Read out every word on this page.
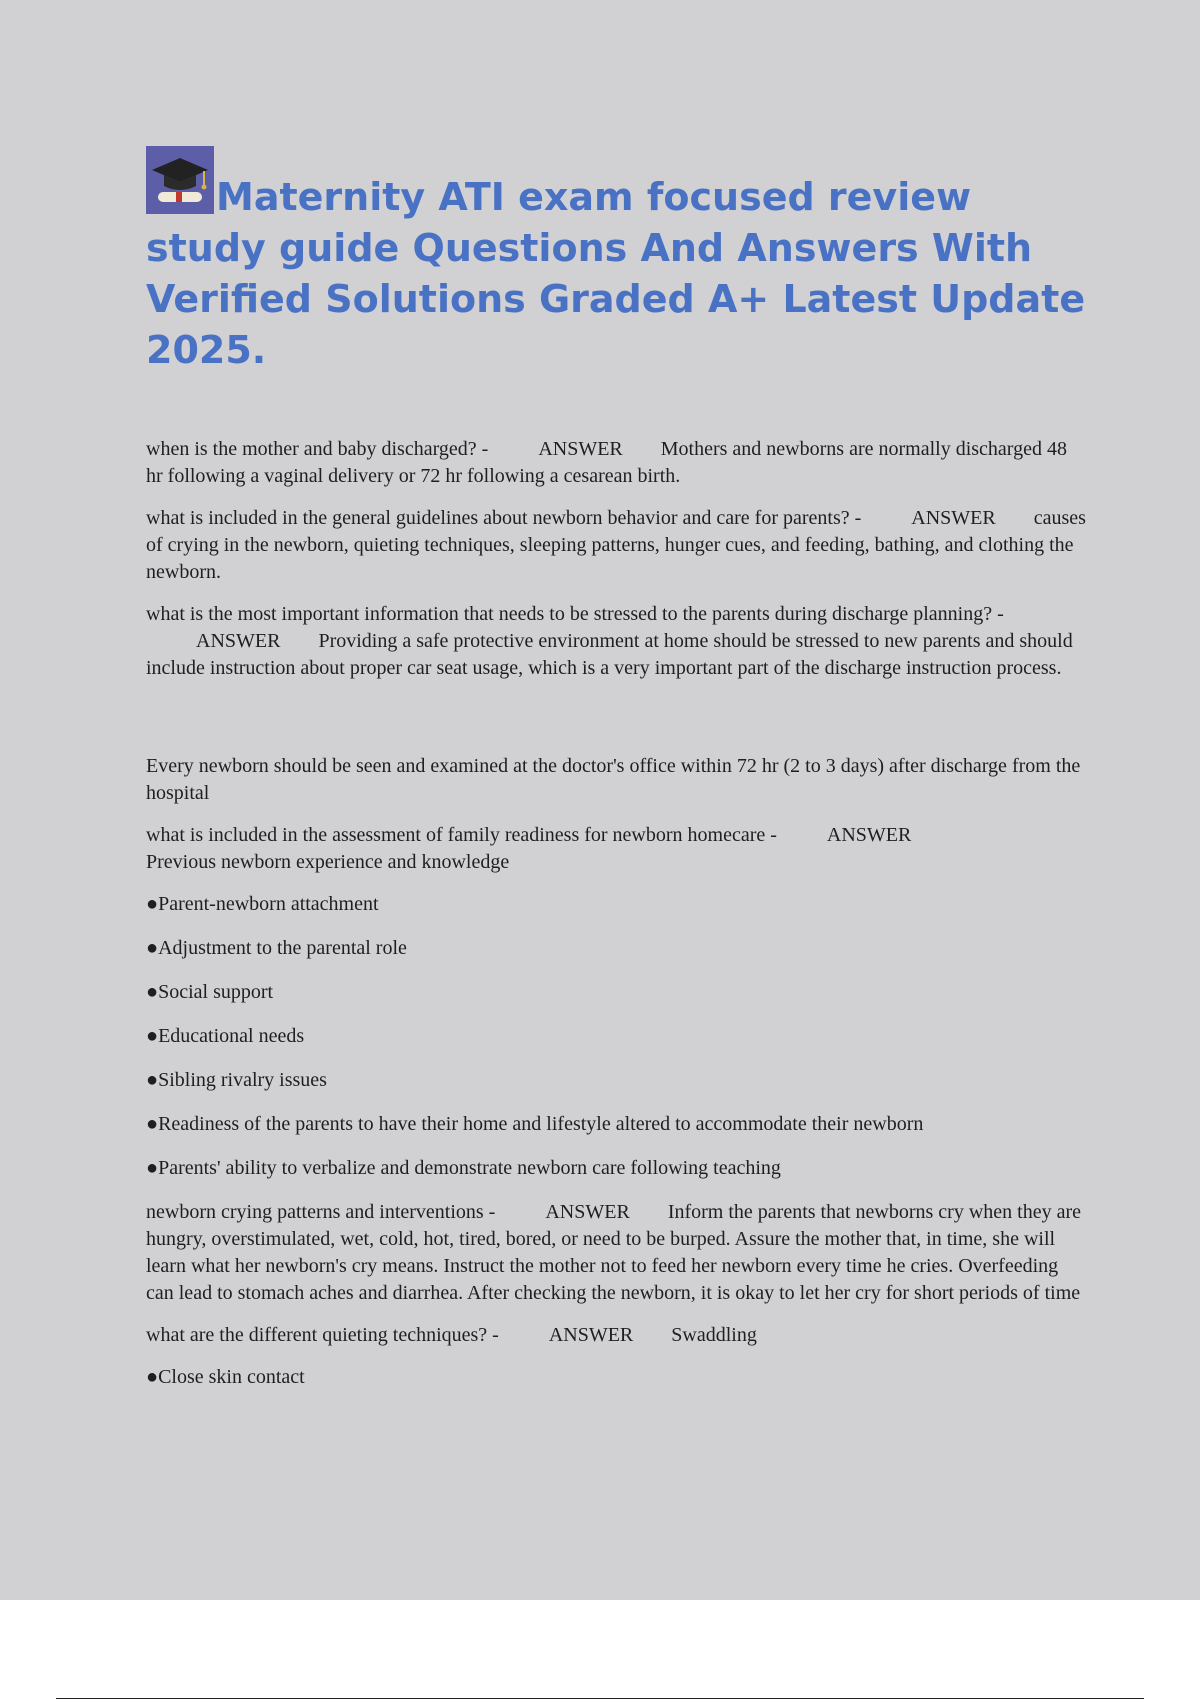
Maternity ATI exam focused review study guide Questions And Answers With Verified Solutions Graded A+ Latest Update 2025.

when is the mother and baby discharged? -	ANSWER Mothers and newborns are normally discharged 48 hr following a vaginal delivery or 72 hr following a cesarean birth.

what is included in the general guidelines about newborn behavior and care for parents? -	ANSWER causes of crying in the newborn, quieting techniques, sleeping patterns, hunger cues, and feeding, bathing, and clothing the newborn.

what is the most important information that needs to be stressed to the parents during discharge planning? -ANSWER Providing a safe protective environment at home should be stressed to new parents and should include instruction about proper car seat usage, which is a very important part of the discharge instruction process.

Every newborn should be seen and examined at the doctor's office within 72 hr (2 to 3 days) after discharge from the hospital

what is included in the assessment of family readiness for newborn homecare -	ANSWER
Previous newborn experience and knowledge

●Parent-newborn attachment

●Adjustment to the parental role

●Social support

●Educational needs

●Sibling rivalry issues

●Readiness of the parents to have their home and lifestyle altered to accommodate their newborn

●Parents' ability to verbalize and demonstrate newborn care following teaching

newborn crying patterns and interventions -	ANSWER Inform the parents that newborns cry when they are hungry, overstimulated, wet, cold, hot, tired, bored, or need to be burped. Assure the mother that, in time, she will learn what her newborn's cry means. Instruct the mother not to feed her newborn every time he cries. Overfeeding can lead to stomach aches and diarrhea. After checking the newborn, it is okay to let her cry for short periods of time

what are the different quieting techniques? -	ANSWER Swaddling

●Close skin contact
